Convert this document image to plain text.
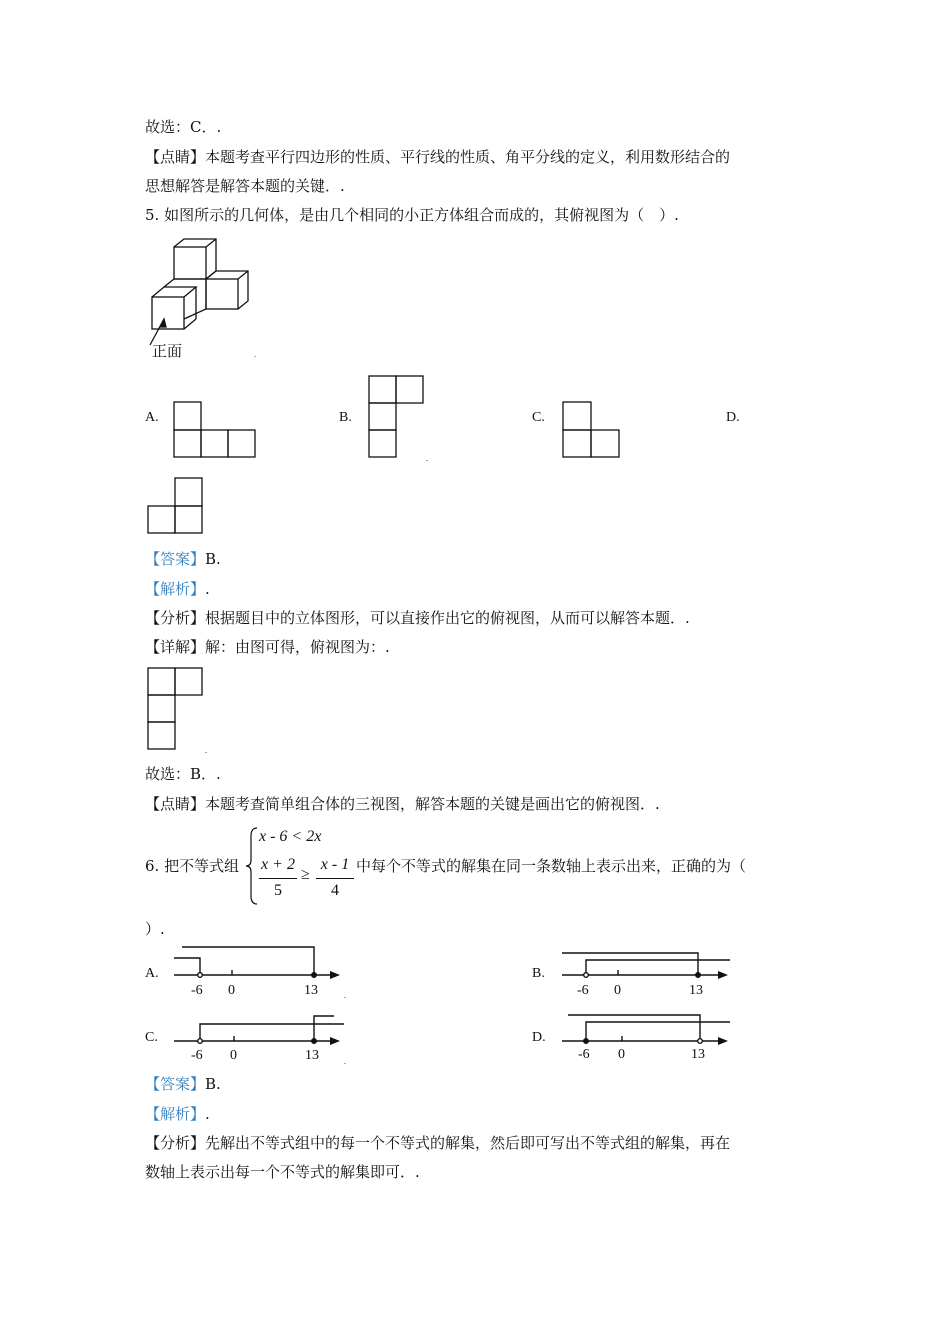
故选：C．.
【点睛】本题考查平行四边形的性质、平行线的性质、角平分线的定义，利用数形结合的
思想解答是解答本题的关键．.
5. 如图所示的几何体，是由几个相同的小正方体组合而成的，其俯视图为（　）.
正面	.
A.	B.
.
C.	D.
【答案】B.
【解析】.
【分析】根据题目中的立体图形，可以直接作出它的俯视图，从而可以解答本题．.
【详解】解：由图可得，俯视图为：.
.
故选：B．.
【点睛】本题考查简单组合体的三视图，解答本题的关键是画出它的俯视图．.
6. 把不等式组
x - 6 < 2x
x + 2
5
≥
x - 1
4
中每个不等式的解集在同一条数轴上表示出来，正确的为（
）.
A.
-6 0	13	.
B.
-6 0	13
C.
-6 0	13	.
D.
-6 0	13
【答案】B.
【解析】.
【分析】先解出不等式组中的每一个不等式的解集，然后即可写出不等式组的解集，再在
数轴上表示出每一个不等式的解集即可．.
